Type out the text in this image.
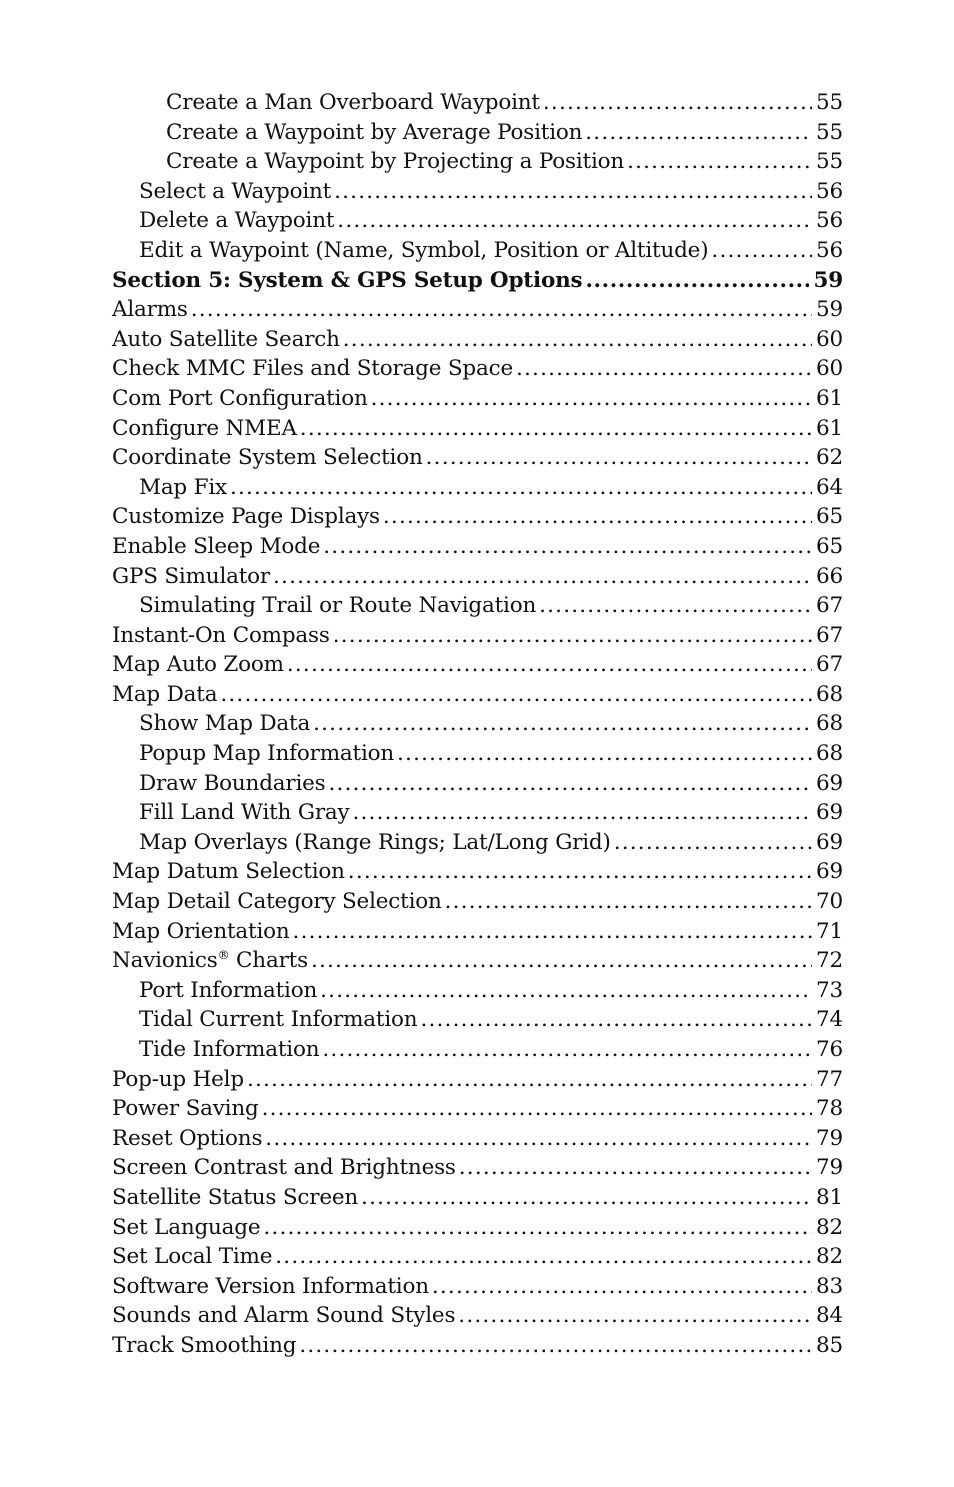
Create a Man Overboard Waypoint .....	55
Create a Waypoint by Average Position .....	55
Create a Waypoint by Projecting a Position .....	55
Select a Waypoint .....	56
Delete a Waypoint .....	56
Edit a Waypoint (Name, Symbol, Position or Altitude) .....	56
Section 5: System & GPS Setup Options .....	59
Alarms .....	59
Auto Satellite Search .....	60
Check MMC Files and Storage Space .....	60
Com Port Configuration .....	61
Configure NMEA .....	61
Coordinate System Selection .....	62
Map Fix .....	64
Customize Page Displays .....	65
Enable Sleep Mode .....	65
GPS Simulator .....	66
Simulating Trail or Route Navigation .....	67
Instant-On Compass .....	67
Map Auto Zoom .....	67
Map Data .....	68
Show Map Data .....	68
Popup Map Information .....	68
Draw Boundaries .....	69
Fill Land With Gray .....	69
Map Overlays (Range Rings; Lat/Long Grid) .....	69
Map Datum Selection .....	69
Map Detail Category Selection .....	70
Map Orientation .....	71
Navionics® Charts .....	72
Port Information .....	73
Tidal Current Information .....	74
Tide Information .....	76
Pop-up Help .....	77
Power Saving .....	78
Reset Options .....	79
Screen Contrast and Brightness .....	79
Satellite Status Screen .....	81
Set Language .....	82
Set Local Time .....	82
Software Version Information .....	83
Sounds and Alarm Sound Styles .....	84
Track Smoothing .....	85
